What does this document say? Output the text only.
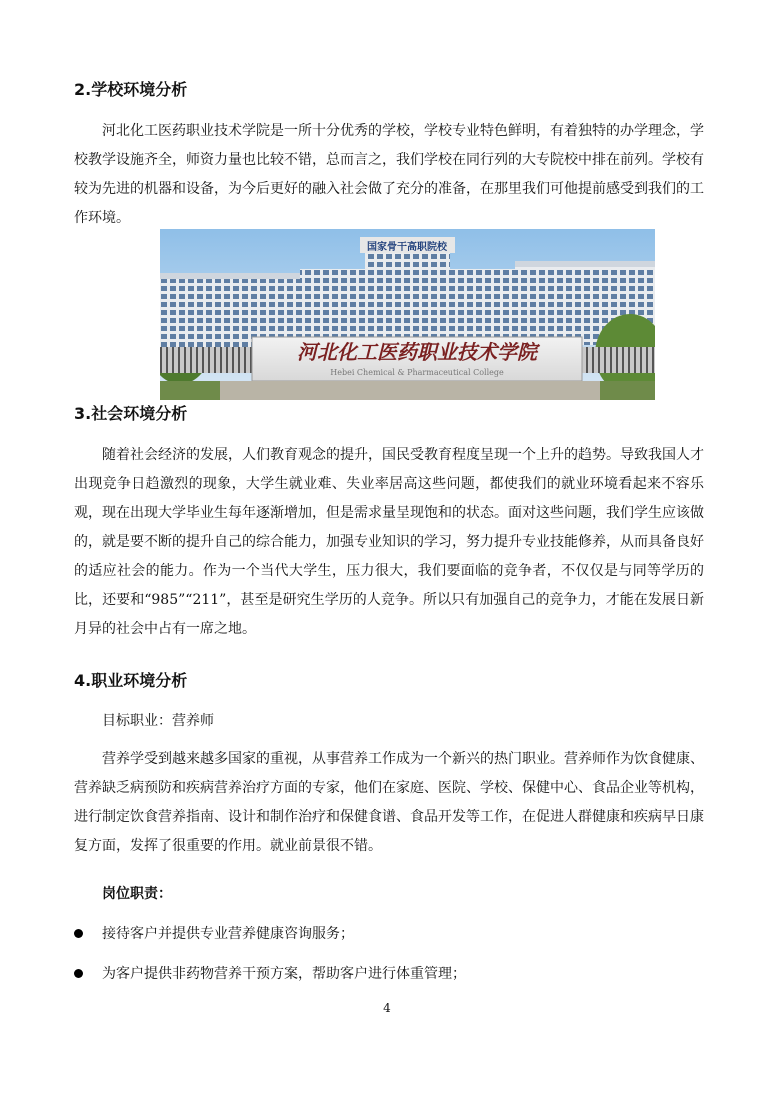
2.学校环境分析

河北化工医药职业技术学院是一所十分优秀的学校，学校专业特色鲜明，有着独特的办学理念，学校教学设施齐全，师资力量也比较不错，总而言之，我们学校在同行列的大专院校中排在前列。学校有较为先进的机器和设备，为今后更好的融入社会做了充分的准备，在那里我们可他提前感受到我们的工作环境。

国家骨干高职院校
河北化工医药职业技术学院
Hebei Chemical & Pharmaceutical College
3.社会环境分析

随着社会经济的发展，人们教育观念的提升，国民受教育程度呈现一个上升的趋势。导致我国人才出现竞争日趋激烈的现象，大学生就业难、失业率居高这些问题，都使我们的就业环境看起来不容乐观，现在出现大学毕业生每年逐渐增加，但是需求量呈现饱和的状态。面对这些问题，我们学生应该做的，就是要不断的提升自己的综合能力，加强专业知识的学习，努力提升专业技能修养，从而具备良好的适应社会的能力。作为一个当代大学生，压力很大，我们要面临的竞争者，不仅仅是与同等学历的比，还要和“985”“211”，甚至是研究生学历的人竞争。所以只有加强自己的竞争力，才能在发展日新月异的社会中占有一席之地。

4.职业环境分析
目标职业：营养师

营养学受到越来越多国家的重视，从事营养工作成为一个新兴的热门职业。营养师作为饮食健康、营养缺乏病预防和疾病营养治疗方面的专家，他们在家庭、医院、学校、保健中心、食品企业等机构，进行制定饮食营养指南、设计和制作治疗和保健食谱、食品开发等工作，在促进人群健康和疾病早日康复方面，发挥了很重要的作用。就业前景很不错。

岗位职责：
接待客户并提供专业营养健康咨询服务；
为客户提供非药物营养干预方案，帮助客户进行体重管理；
4
